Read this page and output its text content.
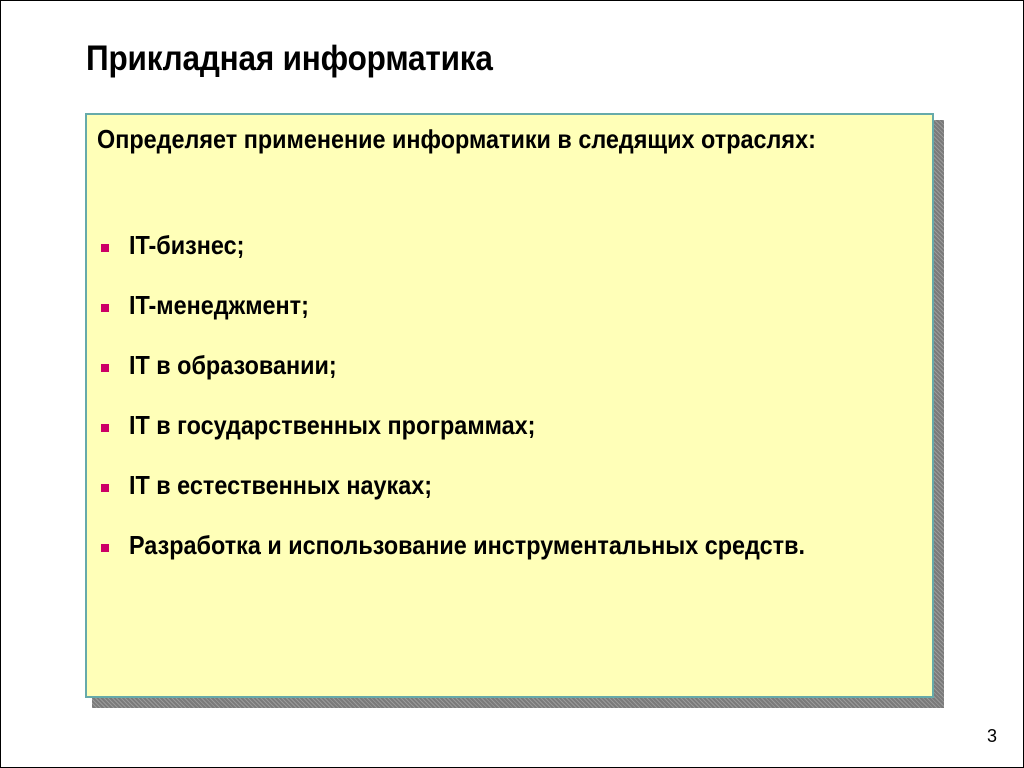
Прикладная информатика
Определяет применение информатики в следящих отраслях:
IT-бизнес;
IT-менеджмент;
IT в образовании;
IT в государственных программах;
IT в естественных науках;
Разработка и использование инструментальных средств.
3
